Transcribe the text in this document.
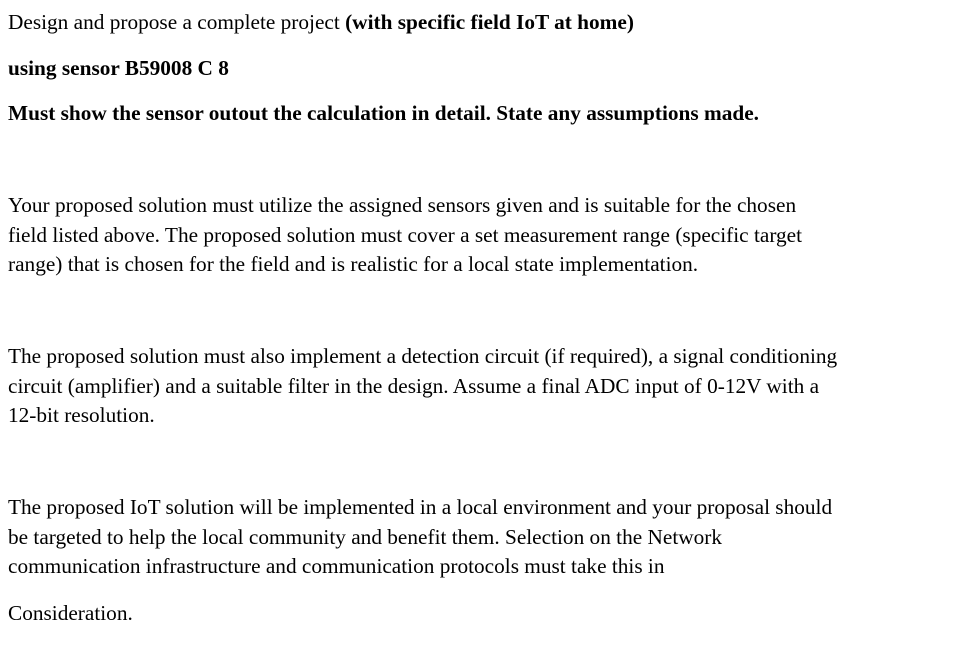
Design and propose a complete project (with specific field IoT at home)

using sensor B59008 C 8

Must show the sensor outout the calculation in detail. State any assumptions made.

Your proposed solution must utilize the assigned sensors given and is suitable for the chosen
field listed above. The proposed solution must cover a set measurement range (specific target
range) that is chosen for the field and is realistic for a local state implementation.

The proposed solution must also implement a detection circuit (if required), a signal conditioning
circuit (amplifier) and a suitable filter in the design. Assume a final ADC input of 0-12V with a
12-bit resolution.

The proposed IoT solution will be implemented in a local environment and your proposal should
be targeted to help the local community and benefit them. Selection on the Network
communication infrastructure and communication protocols must take this in

Consideration.
